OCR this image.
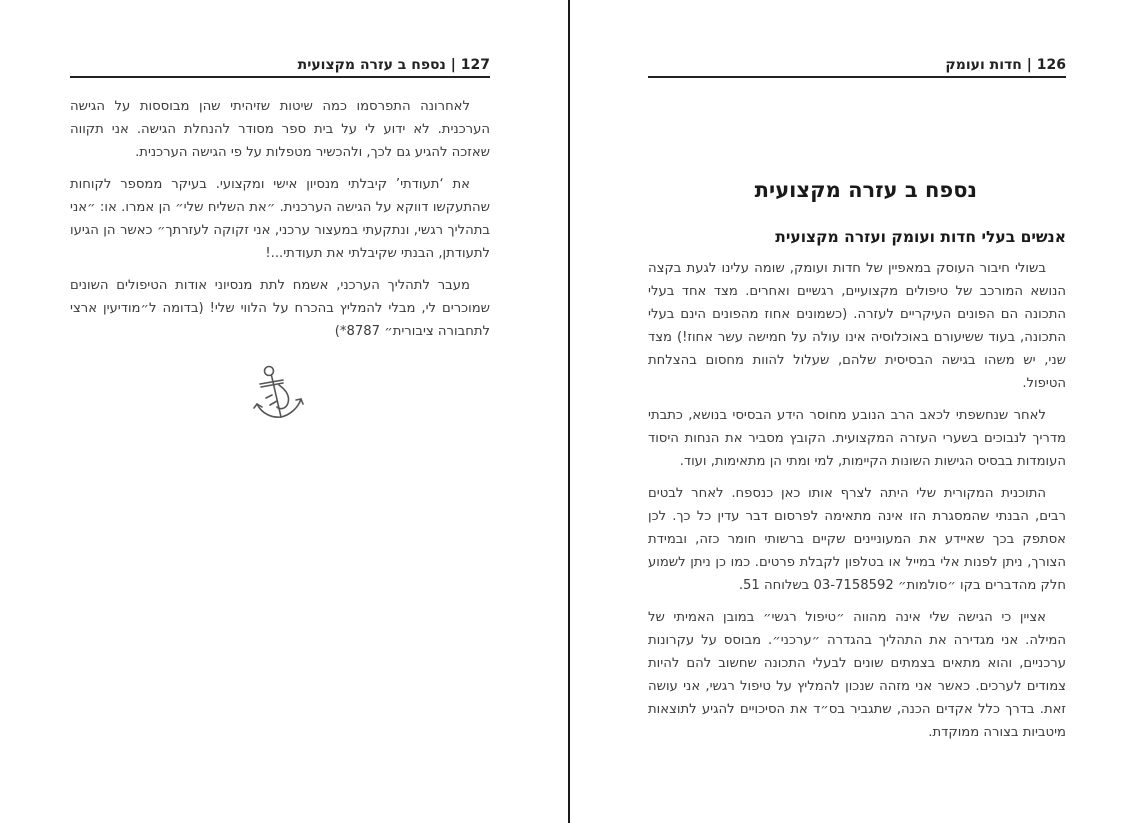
127 | נספח ב עזרה מקצועית

לאחרונה התפרסמו כמה שיטות שזיהיתי שהן מבוססות על הגישה הערכנית. לא ידוע לי על בית ספר מסודר להנחלת הגישה. אני תקווה שאזכה להגיע גם לכך, ולהכשיר מטפלות על פי הגישה הערכנית.

את ‘תעודתי’ קיבלתי מנסיון אישי ומקצועי. בעיקר ממספר לקוחות שהתעקשו דווקא על הגישה הערכנית. ״את השליח שלי״ הן אמרו. או: ״אני בתהליך רגשי, ונתקעתי במעצור ערכני, אני זקוקה לעזרתך״ כאשר הן הגיעו לתעודתן, הבנתי שקיבלתי את תעודתי...!

מעבר לתהליך הערכני, אשמח לתת מנסיוני אודות הטיפולים השונים שמוכרים לי, מבלי להמליץ בהכרח על הלווי שלי! (בדומה ל״מודיעין ארצי לתחבורה ציבורית״ 8787*)

126 | חדות ועומק
נספח ב עזרה מקצועית
אנשים בעלי חדות ועומק ועזרה מקצועית

בשולי חיבור העוסק במאפיין של חדות ועומק, שומה עלינו לגעת בקצה הנושא המורכב של טיפולים מקצועיים, רגשיים ואחרים. מצד אחד בעלי התכונה הם הפונים העיקריים לעזרה. (כשמונים אחוז מהפונים הינם בעלי התכונה, בעוד ששיעורם באוכלוסיה אינו עולה על חמישה עשר אחוז!) מצד שני, יש משהו בגישה הבסיסית שלהם, שעלול להוות מחסום בהצלחת הטיפול.

לאחר שנחשפתי לכאב הרב הנובע מחוסר הידע הבסיסי בנושא, כתבתי מדריך לנבוכים בשערי העזרה המקצועית. הקובץ מסביר את הנחות היסוד העומדות בבסיס הגישות השונות הקיימות, למי ומתי הן מתאימות, ועוד.

התוכנית המקורית שלי היתה לצרף אותו כאן כנספח. לאחר לבטים רבים, הבנתי שהמסגרת הזו אינה מתאימה לפרסום דבר עדין כל כך. לכן אסתפק בכך שאיידע את המעוניינים שקיים ברשותי חומר כזה, ובמידת הצורך, ניתן לפנות אלי במייל או בטלפון לקבלת פרטים. כמו כן ניתן לשמוע חלק מהדברים בקו ״סולמות״ 03-7158592 בשלוחה 51.

אציין כי הגישה שלי אינה מהווה ״טיפול רגשי״ במובן האמיתי של המילה. אני מגדירה את התהליך בהגדרה ״ערכני״. מבוסס על עקרונות ערכניים, והוא מתאים בצמתים שונים לבעלי התכונה שחשוב להם להיות צמודים לערכים. כאשר אני מזהה שנכון להמליץ על טיפול רגשי, אני עושה זאת. בדרך כלל אקדים הכנה, שתגביר בס״ד את הסיכויים להגיע לתוצאות מיטביות בצורה ממוקדת.
